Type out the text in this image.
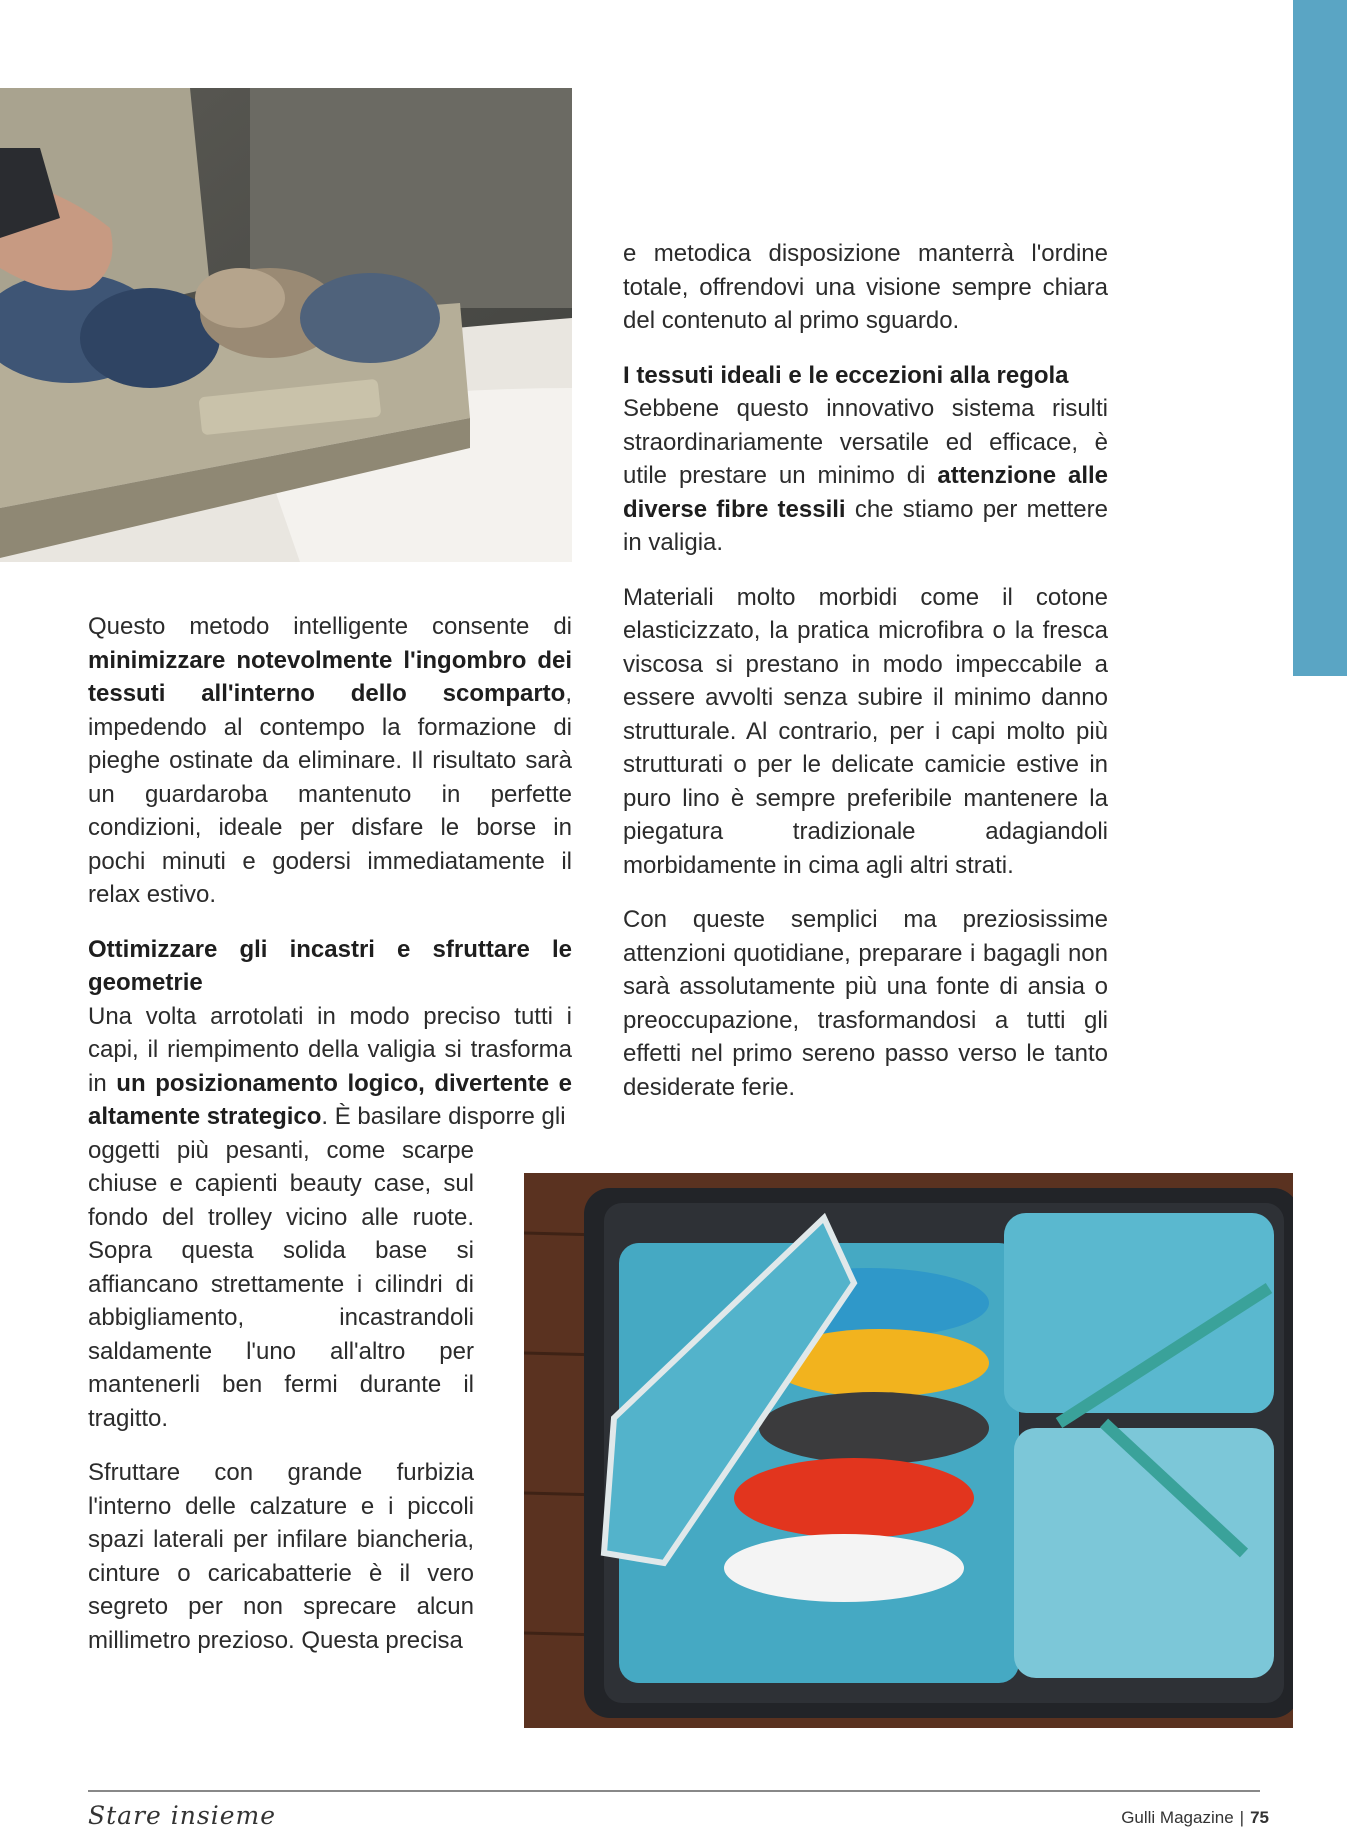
Questo metodo intelligente consente di minimizzare notevolmente l'ingombro dei tessuti all'interno dello scomparto, impedendo al contempo la formazione di pieghe ostinate da eliminare. Il risultato sarà un guardaroba mantenuto in perfette condizioni, ideale per disfare le borse in pochi minuti e godersi immediatamente il relax estivo.

Ottimizzare gli incastri e sfruttare le geometrie

Una volta arrotolati in modo preciso tutti i capi, il riempimento della valigia si trasforma in un posizionamento logico, divertente e altamente strategico. È basilare disporre gli

oggetti più pesanti, come scarpe chiuse e capienti beauty case, sul fondo del trolley vicino alle ruote. Sopra questa solida base si affiancano strettamente i cilindri di abbigliamento, incastrandoli saldamente l'uno all'altro per mantenerli ben fermi durante il tragitto.

Sfruttare con grande furbizia l'interno delle calzature e i piccoli spazi laterali per infilare biancheria, cinture o caricabatterie è il vero segreto per non sprecare alcun millimetro prezioso. Questa precisa

e metodica disposizione manterrà l'ordine totale, offrendovi una visione sempre chiara del contenuto al primo sguardo.

I tessuti ideali e le eccezioni alla regola

Sebbene questo innovativo sistema risulti straordinariamente versatile ed efficace, è utile prestare un minimo di attenzione alle diverse fibre tessili che stiamo per mettere in valigia.

Materiali molto morbidi come il cotone elasticizzato, la pratica microfibra o la fresca viscosa si prestano in modo impeccabile a essere avvolti senza subire il minimo danno strutturale. Al contrario, per i capi molto più strutturati o per le delicate camicie estive in puro lino è sempre preferibile mantenere la piegatura tradizionale adagiandoli morbidamente in cima agli altri strati.

Con queste semplici ma preziosissime attenzioni quotidiane, preparare i bagagli non sarà assolutamente più una fonte di ansia o preoccupazione, trasformandosi a tutti gli effetti nel primo sereno passo verso le tanto desiderate ferie.

Stare insieme	Gulli Magazine | 75
